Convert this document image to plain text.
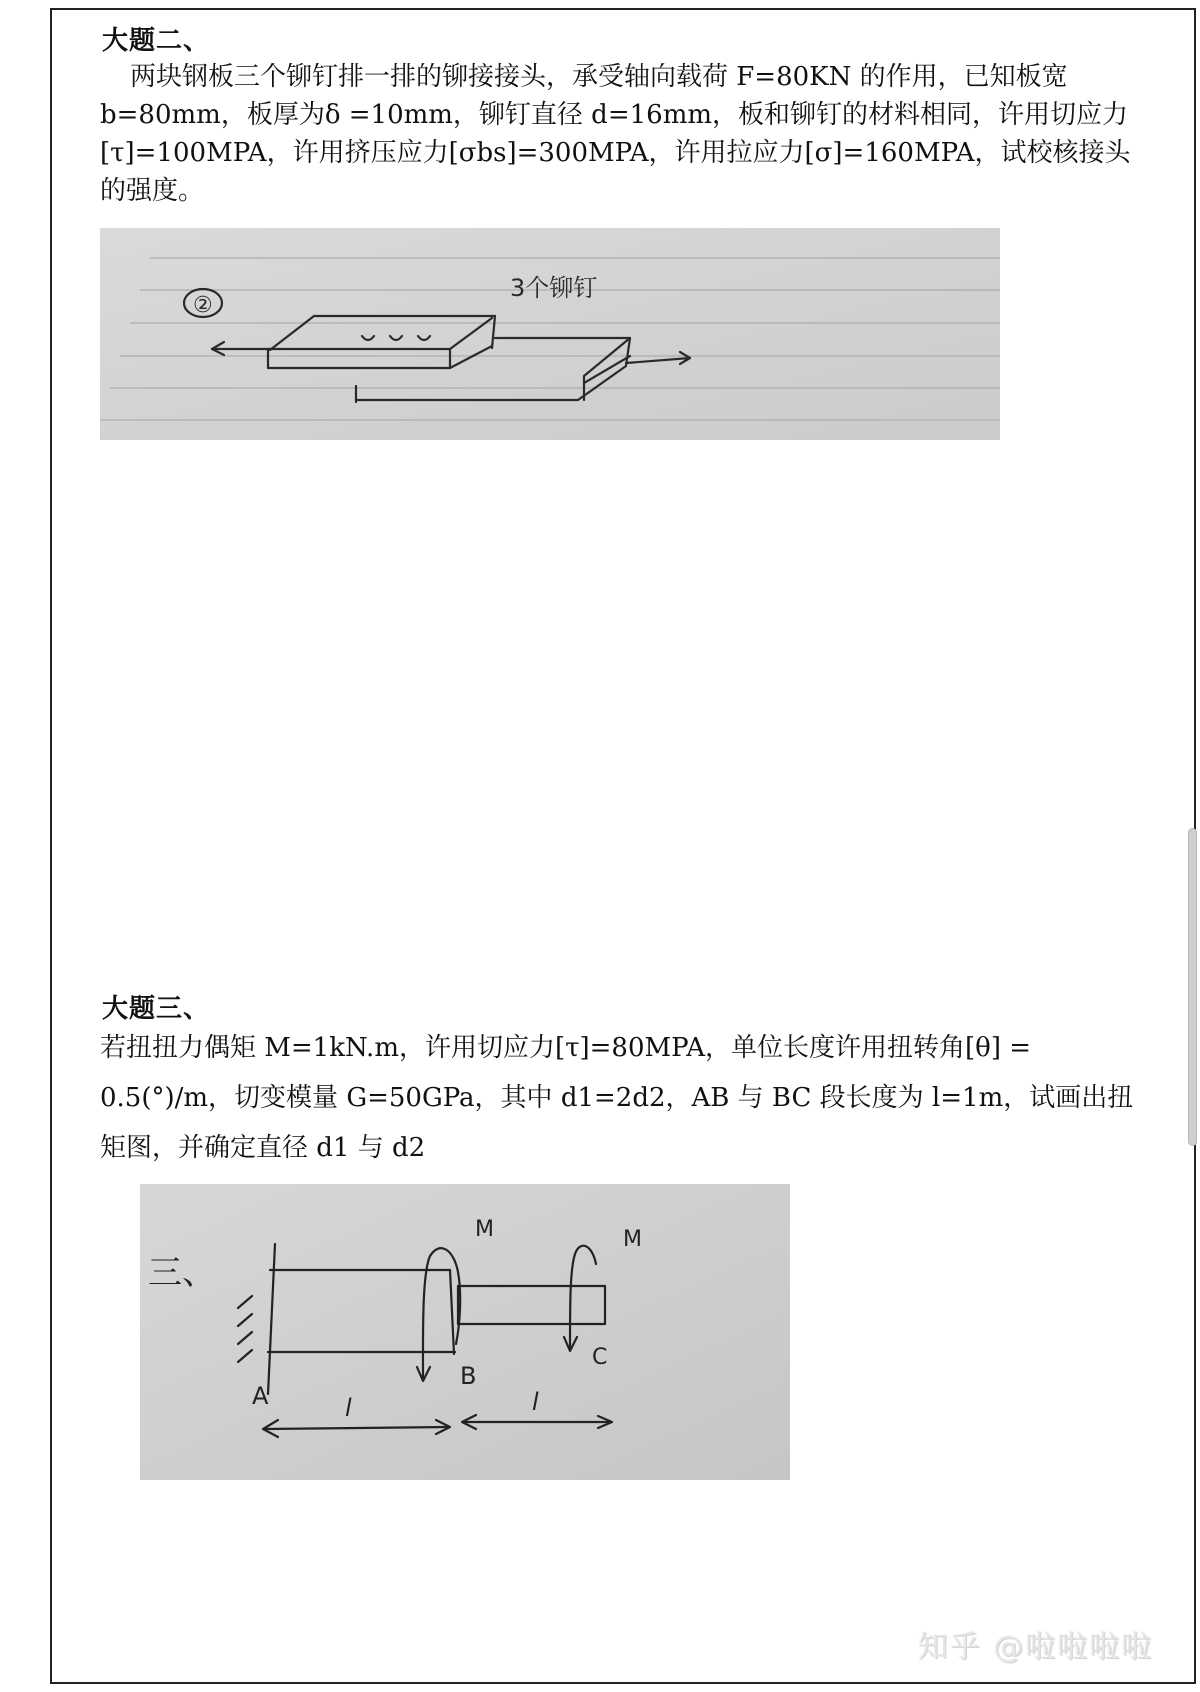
大题二、
两块钢板三个铆钉排一排的铆接接头，承受轴向载荷 F=80KN 的作用，已知板宽 b=80mm，板厚为δ =10mm，铆钉直径 d=16mm，板和铆钉的材料相同，许用切应力[τ]=100MPA，许用挤压应力[σbs]=300MPA，许用拉应力[σ]=160MPA，试校核接头的强度。
3个铆钉
②
大题三、
若扭扭力偶矩 M=1kN.m，许用切应力[τ]=80MPA，单位长度许用扭转角[θ] = 0.5(°)/m，切变模量 G=50GPa，其中 d1=2d2，AB 与 BC 段长度为 l=1m，试画出扭矩图，并确定直径 d1 与 d2
三、
M	M
A
B
C
l	l
知乎 @啦啦啦啦
